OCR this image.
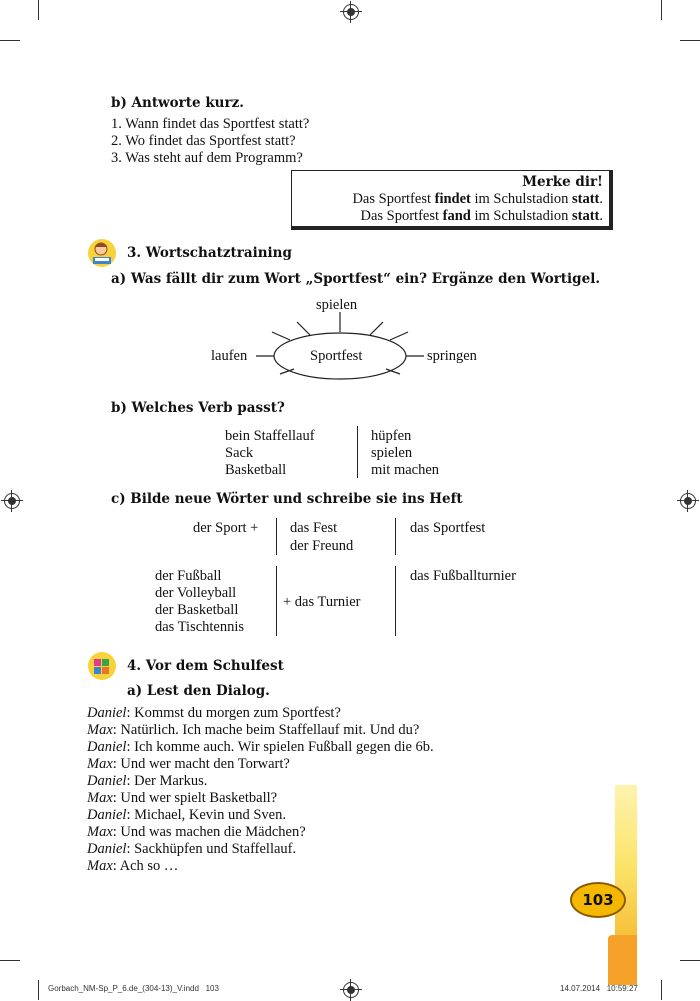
b) Antworte kurz.
1. Wann findet das Sportfest statt?
2. Wo findet das Sportfest statt?
3. Was steht auf dem Programm?
Merke dir!
Das Sportfest findet im Schulstadion statt.
Das Sportfest fand im Schulstadion statt.
3. Wortschatztraining
a) Was fällt dir zum Wort „Sportfest“ ein? Ergänze den Wortigel.
spielen
Sportfest
laufen	springen
b) Welches Verb passt?
bein Staffellauf
Sack
Basketball
hüpfen
spielen
mit machen
c) Bilde neue Wörter und schreibe sie ins Heft
der Sport + das Fest
der Freund
das Sportfest
der Fußball
der Volleyball
der Basketball
das Tischtennis
+ das Turnier
das Fußballturnier
4. Vor dem Schulfest
a) Lest den Dialog.
Daniel: Kommst du morgen zum Sportfest?
Max: Natürlich. Ich mache beim Staffellauf mit. Und du?
Daniel: Ich komme auch. Wir spielen Fußball gegen die 6b.
Max: Und wer macht den Torwart?
Daniel: Der Markus.
Max: Und wer spielt Basketball?
Daniel: Michael, Kevin und Sven.
Max: Und was machen die Mädchen?
Daniel: Sackhüpfen und Staffellauf.
Max: Ach so …
103
Gorbach_NM-Sp_P_6.de_(304-13)_V.indd   103	14.07.2014   10:59:27
